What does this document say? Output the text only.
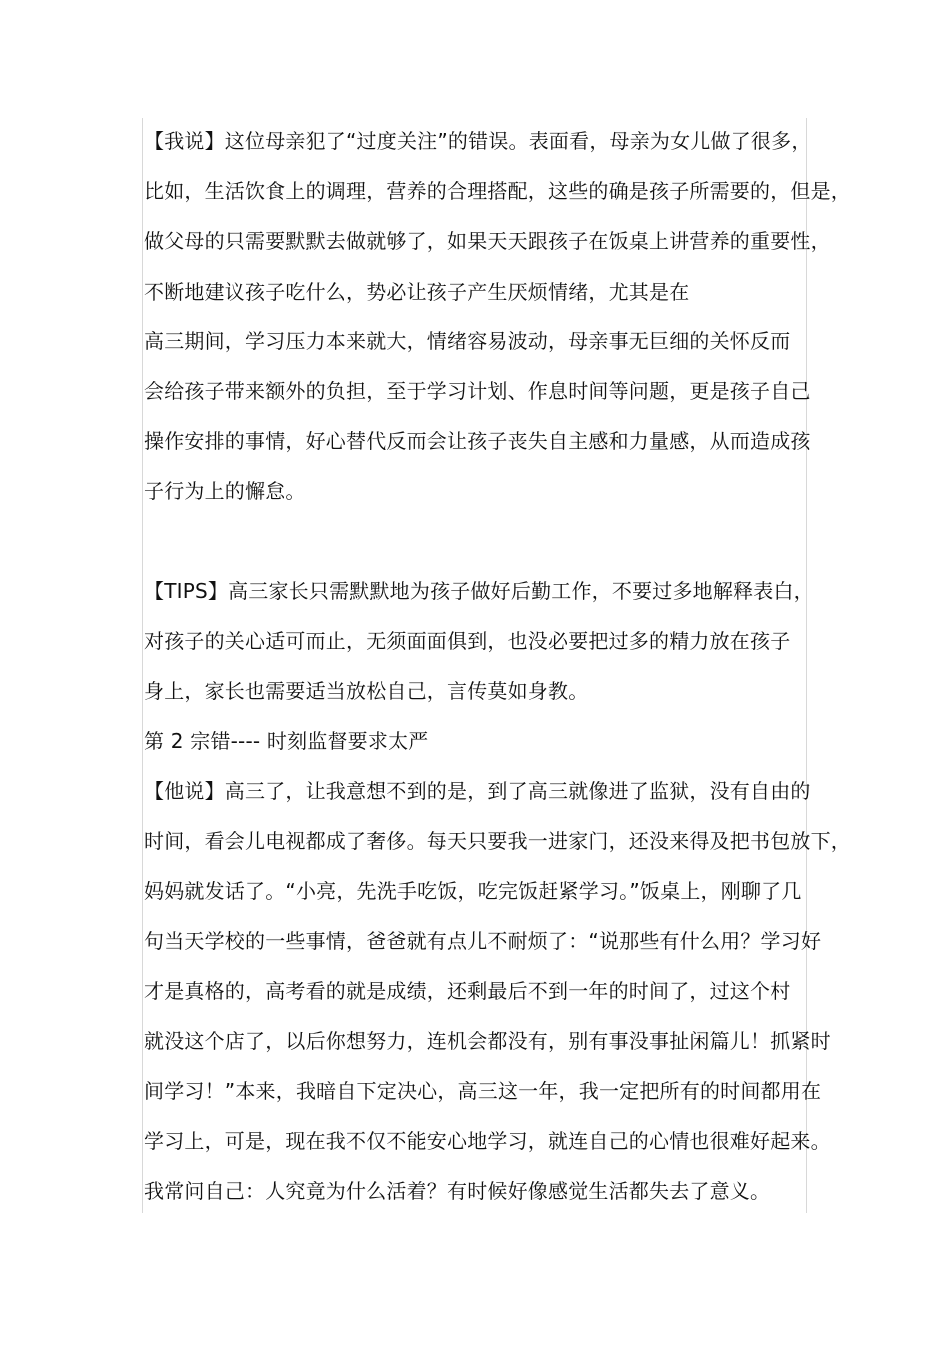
【我说】这位母亲犯了“过度关注”的错误。表面看，母亲为女儿做了很多，
比如，生活饮食上的调理，营养的合理搭配，这些的确是孩子所需要的，但是，
做父母的只需要默默去做就够了，如果天天跟孩子在饭桌上讲营养的重要性，
不断地建议孩子吃什么，势必让孩子产生厌烦情绪，尤其是在
高三期间，学习压力本来就大，情绪容易波动，母亲事无巨细的关怀反而
会给孩子带来额外的负担，至于学习计划、作息时间等问题，更是孩子自己
操作安排的事情，好心替代反而会让孩子丧失自主感和力量感，从而造成孩
子行为上的懈怠。
【TIPS】高三家长只需默默地为孩子做好后勤工作，不要过多地解释表白，
对孩子的关心适可而止，无须面面俱到，也没必要把过多的精力放在孩子
身上，家长也需要适当放松自己，言传莫如身教。
第 2 宗错---- 时刻监督要求太严
【他说】高三了，让我意想不到的是，到了高三就像进了监狱，没有自由的
时间，看会儿电视都成了奢侈。每天只要我一进家门，还没来得及把书包放下，
妈妈就发话了。“小亮，先洗手吃饭，吃完饭赶紧学习。”饭桌上，刚聊了几
句当天学校的一些事情，爸爸就有点儿不耐烦了：“说那些有什么用？学习好
才是真格的，高考看的就是成绩，还剩最后不到一年的时间了，过这个村
就没这个店了，以后你想努力，连机会都没有，别有事没事扯闲篇儿！抓紧时
间学习！”本来，我暗自下定决心，高三这一年，我一定把所有的时间都用在
学习上，可是，现在我不仅不能安心地学习，就连自己的心情也很难好起来。
我常问自己：人究竟为什么活着？有时候好像感觉生活都失去了意义。
